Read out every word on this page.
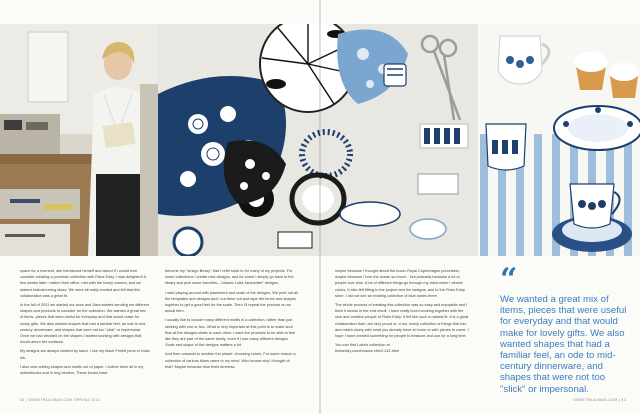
space for a moment, she introduced herself and asked if I would ever consider creating a porcelain collection with Fishs Eddy. I was delighted! A few weeks later I visited their office, met with the lovely owners, and we started brainstorming ideas. We were all really excited and felt that this collaboration was a great fit.

In the fall of 2011 we started our work and Sara started sending me different shapes and products to consider for the collection. We wanted a great mix of items, pieces that were useful for everyday and that would make for lovely gifts. We also wanted shapes that had a familiar feel, an ode to mid-century dinnerware, and shapes that were not too "slick" or impersonal. Once we had decided on the shapes I started working with designs that would adorn the surfaces.

My designs are always created by hand. I use my black Pentel pens or India ink.

I also love cutting shapes and motifs out of paper. I collect them all in my sketchbooks and in ring binders. These books have

become my "design library" that I refer back to for many of my projects. For some collections I create new designs, and for some I simply go back to the library and pick some favorites—"classic Lotta Jansdotter" designs.

I start playing around with placement and scale of the designs. We print out all the templates and designs and I cut them out and tape the forms and shapes together to get a good feel for the scale. Then I'll repeat the process on an actual item.

I usually like to include many different motifs in a collection, rather than just sticking with one or two. What is very important at this point is to make sure that all the designs relate to each other. I want the products to be able to feel like they are part of the same family, even if I use many different designs. Scale and shape of the designs matters a lot.

And then onwards to another fun phase: choosing colors. For some reason a collection of various blues came to my mind. Who knows why I thought of that? Maybe because blue feels timeless,

maybe because I thought about the iconic Royal Copenhagen porcelains; maybe because I love the ocean so much... but probably because a lot of people love blue. A lot of different things go through my mind when I decide colors. It also felt fitting to the project and the designs, and to the Fishs Eddy store. I did not see an existing collection of blue wares there.

The whole process of creating this collection was so easy and enjoyable and I think it shows in the end result. I have really loved working together with the nice and creative people of Fishs Eddy. It felt like such a natural fit. It is a great collaboration that I am very proud of, a fun, lovely collection of things that mix and match nicely with what you already have at home or with pieces to come. I hope I have created something for people to treasure and use for a long time.

You can find Lotta's collection at
fishseddy.com/browse.cfm/2,242.html
“
We wanted a great mix of items, pieces that were useful for everyday and that would make for lovely gifts. We also wanted shapes that had a familiar feel, an ode to mid-century dinnerware, and shapes that were not too "slick" or impersonal.
42 | SWEETPAULMAG.COM SPRING 2013	SWEETPAULMAG.COM | 43
